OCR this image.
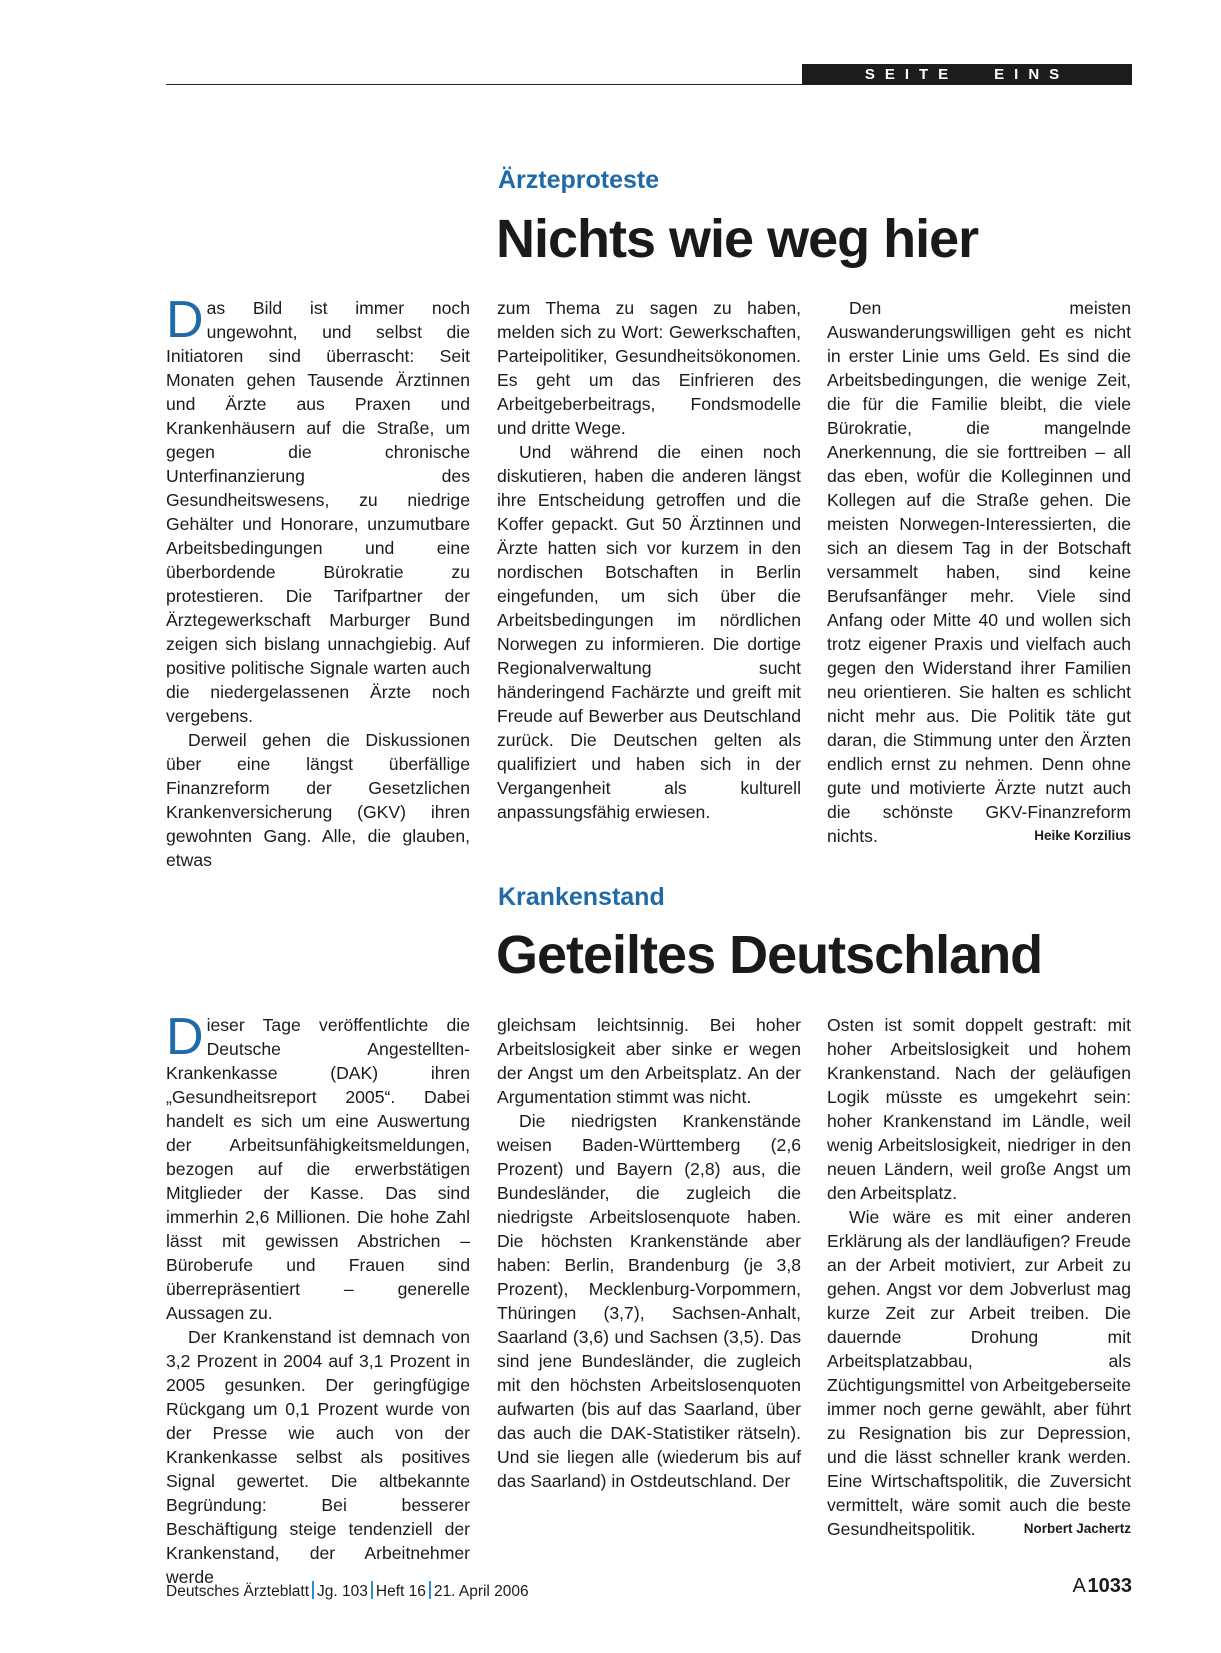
SEITE EINS
Ärzteproteste
Nichts wie weg hier

Das Bild ist immer noch ungewohnt, und selbst die Initiatoren sind überrascht: Seit Monaten gehen Tausende Ärztinnen und Ärzte aus Praxen und Krankenhäusern auf die Straße, um gegen die chronische Unterfinanzierung des Gesundheitswesens, zu niedrige Gehälter und Honorare, unzumutbare Arbeitsbedingungen und eine überbordende Bürokratie zu protestieren. Die Tarifpartner der Ärztegewerkschaft Marburger Bund zeigen sich bislang unnachgiebig. Auf positive politische Signale warten auch die niedergelassenen Ärzte noch vergebens.

Derweil gehen die Diskussionen über eine längst überfällige Finanzreform der Gesetzlichen Krankenversicherung (GKV) ihren gewohnten Gang. Alle, die glauben, etwas

zum Thema zu sagen zu haben, melden sich zu Wort: Gewerkschaften, Parteipolitiker, Gesundheitsökonomen. Es geht um das Einfrieren des Arbeitgeberbeitrags, Fondsmodelle und dritte Wege.

Und während die einen noch diskutieren, haben die anderen längst ihre Entscheidung getroffen und die Koffer gepackt. Gut 50 Ärztinnen und Ärzte hatten sich vor kurzem in den nordischen Botschaften in Berlin eingefunden, um sich über die Arbeitsbedingungen im nördlichen Norwegen zu informieren. Die dortige Regionalverwaltung sucht händeringend Fachärzte und greift mit Freude auf Bewerber aus Deutschland zurück. Die Deutschen gelten als qualifiziert und haben sich in der Vergangenheit als kulturell anpassungsfähig erwiesen.

Den meisten Auswanderungswilligen geht es nicht in erster Linie ums Geld. Es sind die Arbeitsbedingungen, die wenige Zeit, die für die Familie bleibt, die viele Bürokratie, die mangelnde Anerkennung, die sie forttreiben – all das eben, wofür die Kolleginnen und Kollegen auf die Straße gehen. Die meisten Norwegen-Interessierten, die sich an diesem Tag in der Botschaft versammelt haben, sind keine Berufsanfänger mehr. Viele sind Anfang oder Mitte 40 und wollen sich trotz eigener Praxis und vielfach auch gegen den Widerstand ihrer Familien neu orientieren. Sie halten es schlicht nicht mehr aus. Die Politik täte gut daran, die Stimmung unter den Ärzten endlich ernst zu nehmen. Denn ohne gute und motivierte Ärzte nutzt auch die schönste GKV-Finanzreform nichts.	Heike Korzilius

Krankenstand
Geteiltes Deutschland

Dieser Tage veröffentlichte die Deutsche Angestellten-Krankenkasse (DAK) ihren „Gesundheitsreport 2005“. Dabei handelt es sich um eine Auswertung der Arbeitsunfähigkeitsmeldungen, bezogen auf die erwerbstätigen Mitglieder der Kasse. Das sind immerhin 2,6 Millionen. Die hohe Zahl lässt mit gewissen Abstrichen – Büroberufe und Frauen sind überrepräsentiert – generelle Aussagen zu.

Der Krankenstand ist demnach von 3,2 Prozent in 2004 auf 3,1 Prozent in 2005 gesunken. Der geringfügige Rückgang um 0,1 Prozent wurde von der Presse wie auch von der Krankenkasse selbst als positives Signal gewertet. Die altbekannte Begründung: Bei besserer Beschäftigung steige tendenziell der Krankenstand, der Arbeitnehmer werde

gleichsam leichtsinnig. Bei hoher Arbeitslosigkeit aber sinke er wegen der Angst um den Arbeitsplatz. An der Argumentation stimmt was nicht.

Die niedrigsten Krankenstände weisen Baden-Württemberg (2,6 Prozent) und Bayern (2,8) aus, die Bundesländer, die zugleich die niedrigste Arbeitslosenquote haben. Die höchsten Krankenstände aber haben: Berlin, Brandenburg (je 3,8 Prozent), Mecklenburg-Vorpommern, Thüringen (3,7), Sachsen-Anhalt, Saarland (3,6) und Sachsen (3,5). Das sind jene Bundesländer, die zugleich mit den höchsten Arbeitslosenquoten aufwarten (bis auf das Saarland, über das auch die DAK-Statistiker rätseln). Und sie liegen alle (wiederum bis auf das Saarland) in Ostdeutschland. Der

Osten ist somit doppelt gestraft: mit hoher Arbeitslosigkeit und hohem Krankenstand. Nach der geläufigen Logik müsste es umgekehrt sein: hoher Krankenstand im Ländle, weil wenig Arbeitslosigkeit, niedriger in den neuen Ländern, weil große Angst um den Arbeitsplatz.

Wie wäre es mit einer anderen Erklärung als der landläufigen? Freude an der Arbeit motiviert, zur Arbeit zu gehen. Angst vor dem Jobverlust mag kurze Zeit zur Arbeit treiben. Die dauernde Drohung mit Arbeitsplatzabbau, als Züchtigungsmittel von Arbeitgeberseite immer noch gerne gewählt, aber führt zu Resignation bis zur Depression, und die lässt schneller krank werden. Eine Wirtschaftspolitik, die Zuversicht vermittelt, wäre somit auch die beste Gesundheitspolitik.	Norbert Jachertz

Deutsches Ärzteblatt Jg. 103 Heft 16 21. April 2006	A 1033
